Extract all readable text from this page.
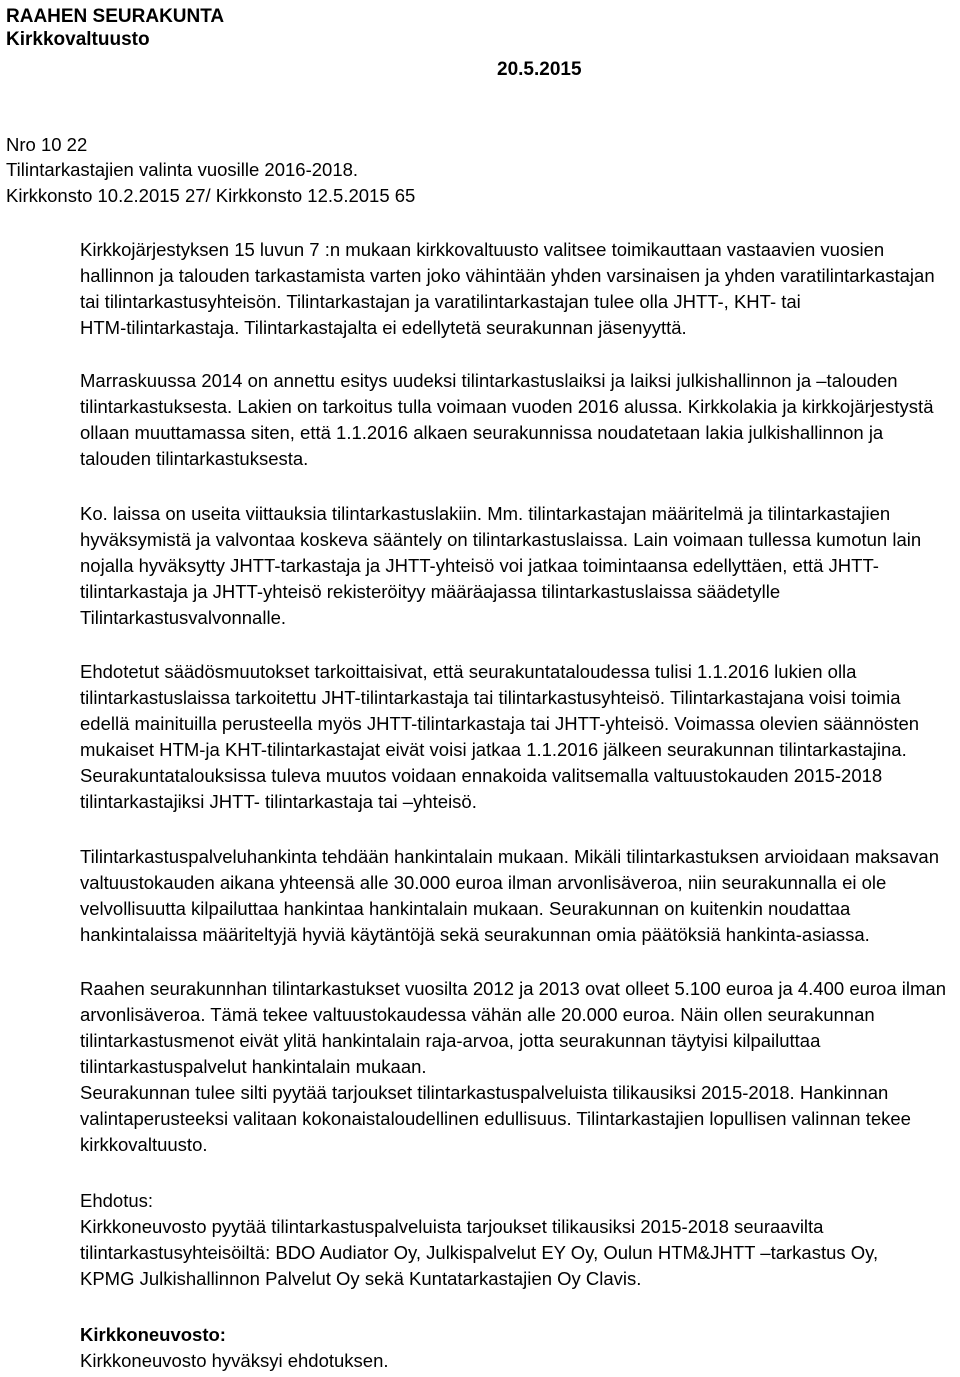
RAAHEN SEURAKUNTA
Kirkkovaltuusto
20.5.2015
Nro 10 22
Tilintarkastajien valinta vuosille 2016-2018.
Kirkkonsto 10.2.2015 27/ Kirkkonsto 12.5.2015 65
Kirkkojärjestyksen 15 luvun 7 :n mukaan kirkkovaltuusto valitsee toimikauttaan vastaavien vuosien
hallinnon ja talouden tarkastamista varten joko vähintään yhden varsinaisen ja yhden varatilintarkastajan
tai tilintarkastusyhteisön. Tilintarkastajan ja varatilintarkastajan tulee olla JHTT-, KHT- tai
HTM-tilintarkastaja. Tilintarkastajalta ei edellytetä seurakunnan jäsenyyttä.
Marraskuussa 2014 on annettu esitys uudeksi tilintarkastuslaiksi ja laiksi julkishallinnon ja –talouden
tilintarkastuksesta. Lakien on tarkoitus tulla voimaan vuoden 2016 alussa. Kirkkolakia ja kirkkojärjestystä
ollaan muuttamassa siten, että 1.1.2016 alkaen seurakunnissa noudatetaan lakia julkishallinnon ja
talouden tilintarkastuksesta.
Ko. laissa on useita viittauksia tilintarkastuslakiin. Mm. tilintarkastajan määritelmä ja tilintarkastajien
hyväksymistä ja valvontaa koskeva sääntely on tilintarkastuslaissa. Lain voimaan tullessa kumotun lain
nojalla hyväksytty JHTT-tarkastaja ja JHTT-yhteisö voi jatkaa toimintaansa edellyttäen, että JHTT-
tilintarkastaja ja JHTT-yhteisö rekisteröityy määräajassa tilintarkastuslaissa säädetylle
Tilintarkastusvalvonnalle.
Ehdotetut säädösmuutokset tarkoittaisivat, että seurakuntataloudessa tulisi 1.1.2016 lukien olla
tilintarkastuslaissa tarkoitettu JHT-tilintarkastaja tai tilintarkastusyhteisö. Tilintarkastajana voisi toimia
edellä mainituilla perusteella myös JHTT-tilintarkastaja tai JHTT-yhteisö. Voimassa olevien säännösten
mukaiset HTM-ja KHT-tilintarkastajat eivät voisi jatkaa 1.1.2016 jälkeen seurakunnan tilintarkastajina.
Seurakuntatalouksissa tuleva muutos voidaan ennakoida valitsemalla valtuustokauden 2015-2018
tilintarkastajiksi JHTT- tilintarkastaja tai –yhteisö.
Tilintarkastuspalveluhankinta tehdään hankintalain mukaan. Mikäli tilintarkastuksen arvioidaan maksavan
valtuustokauden aikana yhteensä alle 30.000 euroa ilman arvonlisäveroa, niin seurakunnalla ei ole
velvollisuutta kilpailuttaa hankintaa hankintalain mukaan. Seurakunnan on kuitenkin noudattaa
hankintalaissa määriteltyjä hyviä käytäntöjä sekä seurakunnan omia päätöksiä hankinta-asiassa.
Raahen seurakunnhan tilintarkastukset vuosilta 2012 ja 2013 ovat olleet 5.100 euroa ja 4.400 euroa ilman
arvonlisäveroa. Tämä tekee valtuustokaudessa vähän alle 20.000 euroa. Näin ollen seurakunnan
tilintarkastusmenot eivät ylitä hankintalain raja-arvoa, jotta seurakunnan täytyisi kilpailuttaa
tilintarkastuspalvelut hankintalain mukaan.
Seurakunnan tulee silti pyytää tarjoukset tilintarkastuspalveluista tilikausiksi 2015-2018. Hankinnan
valintaperusteeksi valitaan kokonaistaloudellinen edullisuus. Tilintarkastajien lopullisen valinnan tekee
kirkkovaltuusto.
Ehdotus:
Kirkkoneuvosto pyytää tilintarkastuspalveluista tarjoukset tilikausiksi 2015-2018 seuraavilta
tilintarkastusyhteisöiltä: BDO Audiator Oy, Julkispalvelut EY Oy, Oulun HTM&JHTT –tarkastus Oy,
KPMG Julkishallinnon Palvelut Oy sekä Kuntatarkastajien Oy Clavis.
Kirkkoneuvosto:
Kirkkoneuvosto hyväksyi ehdotuksen.
